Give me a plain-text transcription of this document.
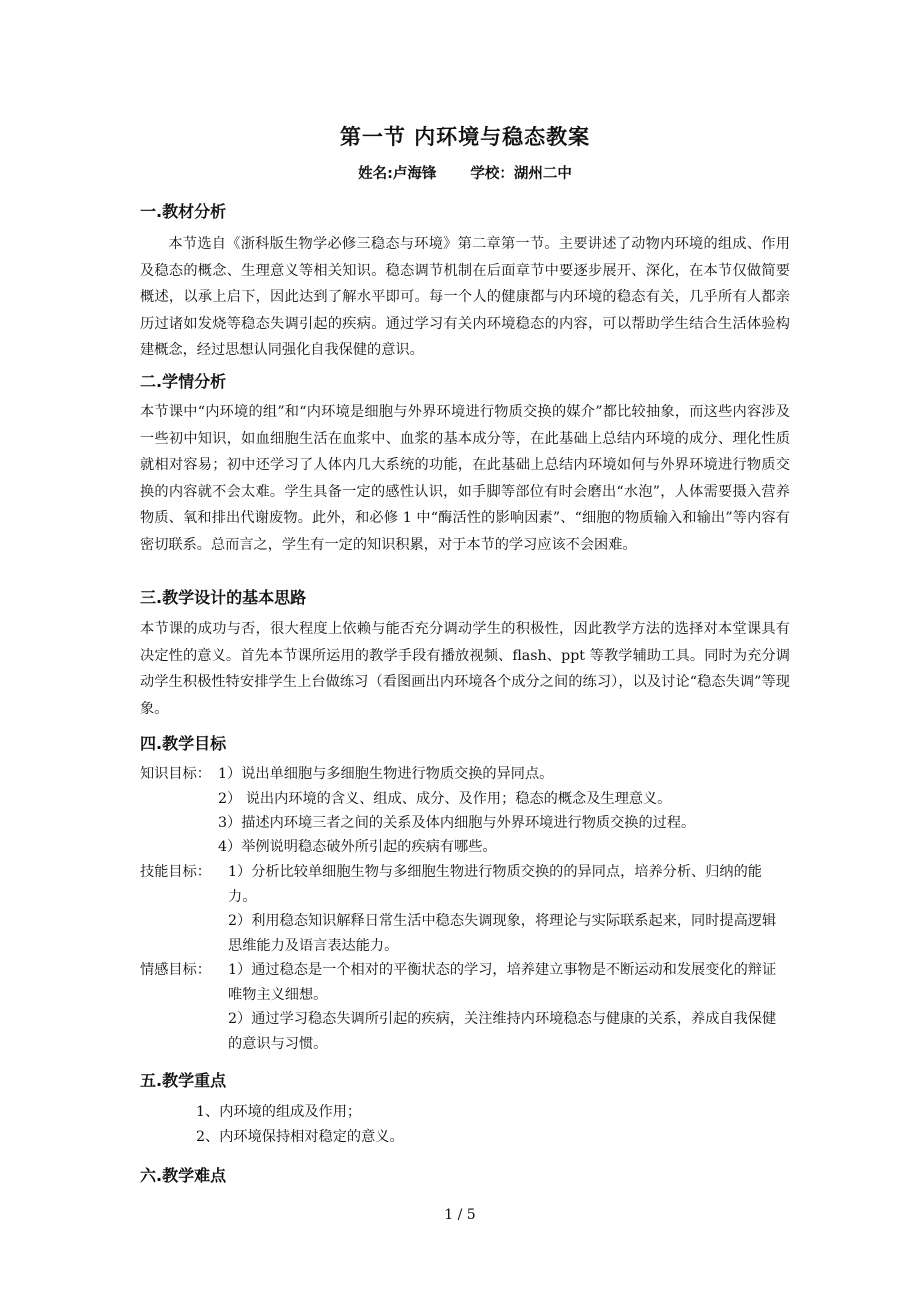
第一节 内环境与稳态教案
姓名:卢海锋 学校：湖州二中
一.教材分析
本节选自《浙科版生物学必修三稳态与环境》第二章第一节。主要讲述了动物内环境的组成、作用及稳态的概念、生理意义等相关知识。稳态调节机制在后面章节中要逐步展开、深化，在本节仅做简要概述，以承上启下，因此达到了解水平即可。每一个人的健康都与内环境的稳态有关，几乎所有人都亲历过诸如发烧等稳态失调引起的疾病。通过学习有关内环境稳态的内容，可以帮助学生结合生活体验构建概念，经过思想认同强化自我保健的意识。
二.学情分析
本节课中“内环境的组”和“内环境是细胞与外界环境进行物质交换的媒介”都比较抽象，而这些内容涉及一些初中知识，如血细胞生活在血浆中、血浆的基本成分等，在此基础上总结内环境的成分、理化性质就相对容易；初中还学习了人体内几大系统的功能，在此基础上总结内环境如何与外界环境进行物质交换的内容就不会太难。学生具备一定的感性认识，如手脚等部位有时会磨出“水泡”，人体需要摄入营养物质、氧和排出代谢废物。此外，和必修 1 中“酶活性的影响因素”、“细胞的物质输入和输出”等内容有密切联系。总而言之，学生有一定的知识积累，对于本节的学习应该不会困难。
三.教学设计的基本思路
本节课的成功与否，很大程度上依赖与能否充分调动学生的积极性，因此教学方法的选择对本堂课具有决定性的意义。首先本节课所运用的教学手段有播放视频、flash、ppt 等教学辅助工具。同时为充分调动学生积极性特安排学生上台做练习（看图画出内环境各个成分之间的练习），以及讨论“稳态失调”等现象。
四.教学目标
知识目标： 1）说出单细胞与多细胞生物进行物质交换的异同点。
2） 说出内环境的含义、组成、成分、及作用；稳态的概念及生理意义。
3）描述内环境三者之间的关系及体内细胞与外界环境进行物质交换的过程。
4）举例说明稳态破外所引起的疾病有哪些。
技能目标： 1）分析比较单细胞生物与多细胞生物进行物质交换的的异同点，培养分析、归纳的能力。
2）利用稳态知识解释日常生活中稳态失调现象，将理论与实际联系起来，同时提高逻辑思维能力及语言表达能力。
情感目标： 1）通过稳态是一个相对的平衡状态的学习，培养建立事物是不断运动和发展变化的辩证唯物主义细想。
2）通过学习稳态失调所引起的疾病，关注维持内环境稳态与健康的关系，养成自我保健的意识与习惯。
五.教学重点
1、内环境的组成及作用；
2、内环境保持相对稳定的意义。
六.教学难点
1 / 5
